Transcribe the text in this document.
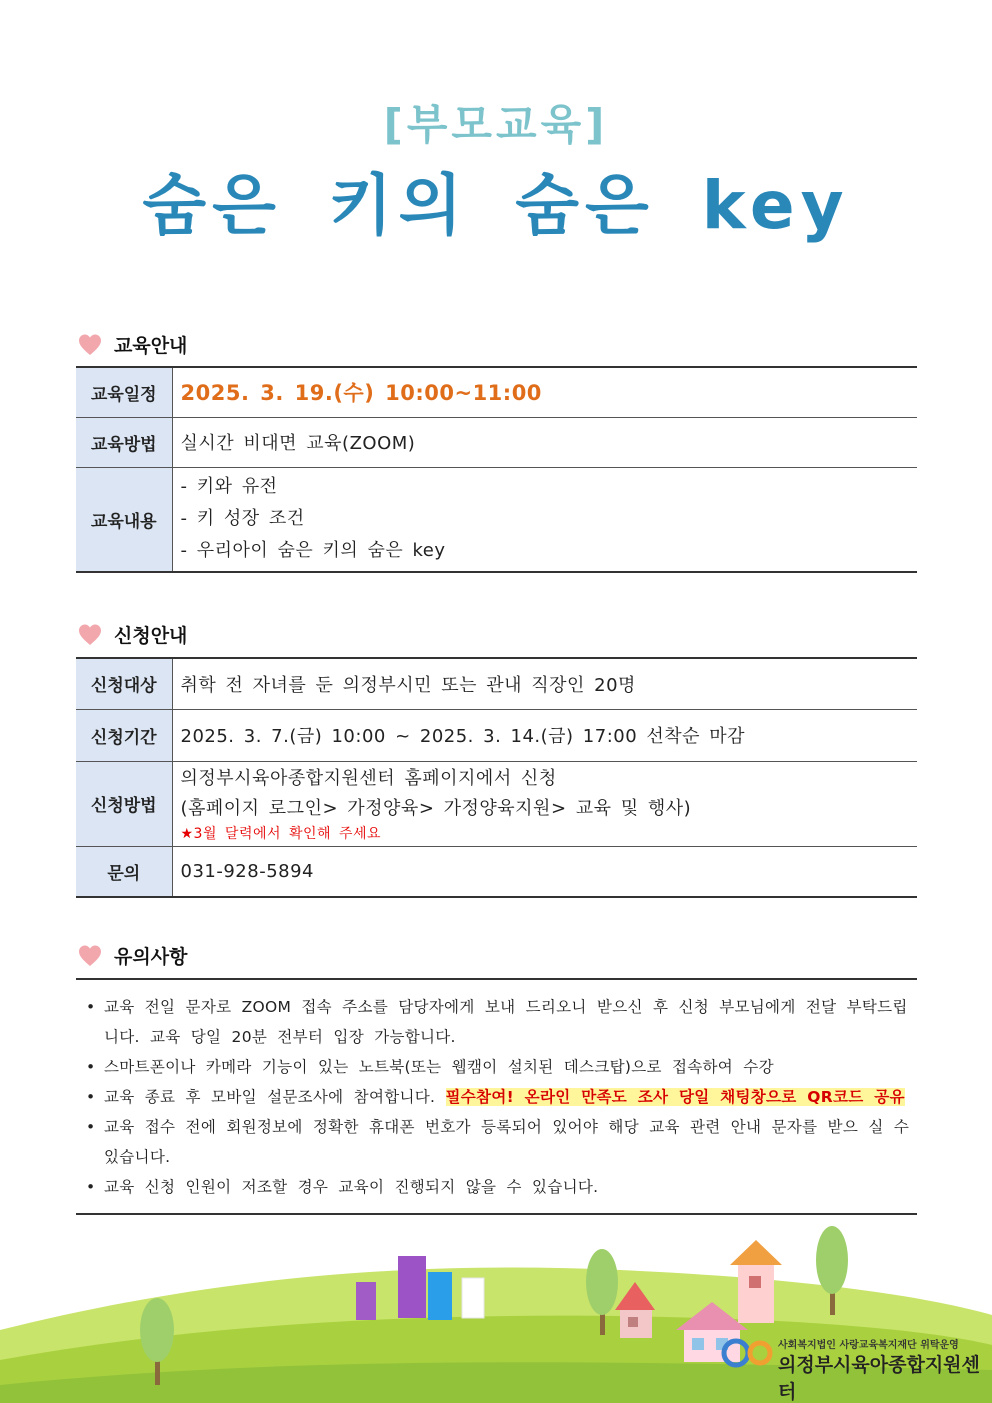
[부모교육]
숨은 키의 숨은 key
교육안내
교육일정	2025. 3. 19.(수) 10:00~11:00
교육방법	실시간 비대면 교육(ZOOM)
교육내용	- 키와 유전
- 키 성장 조건
- 우리아이 숨은 키의 숨은 key
신청안내
신청대상	취학 전 자녀를 둔 의정부시민 또는 관내 직장인 20명
신청기간	2025. 3. 7.(금) 10:00 ~ 2025. 3. 14.(금) 17:00 선착순 마감
신청방법	의정부시육아종합지원센터 홈페이지에서 신청
(홈페이지 로그인> 가정양육> 가정양육지원> 교육 및 행사)
★3월 달력에서 확인해 주세요

문의	031-928-5894
유의사항
• 교육 전일 문자로 ZOOM 접속 주소를 담당자에게 보내 드리오니 받으신 후 신청 부모님에게 전달 부탁드립니다. 교육 당일 20분 전부터 입장 가능합니다.
• 스마트폰이나 카메라 기능이 있는 노트북(또는 웹캠이 설치된 데스크탑)으로 접속하여 수강
• 교육 종료 후 모바일 설문조사에 참여합니다. 필수참여! 온라인 만족도 조사 당일 채팅창으로 QR코드 공유
• 교육 접수 전에 회원정보에 정확한 휴대폰 번호가 등록되어 있어야 해당 교육 관련 안내 문자를 받으 실 수 있습니다.
• 교육 신청 인원이 저조할 경우 교육이 진행되지 않을 수 있습니다.
사회복지법인 사랑교육복지재단 위탁운영
의정부시육아종합지원센터
